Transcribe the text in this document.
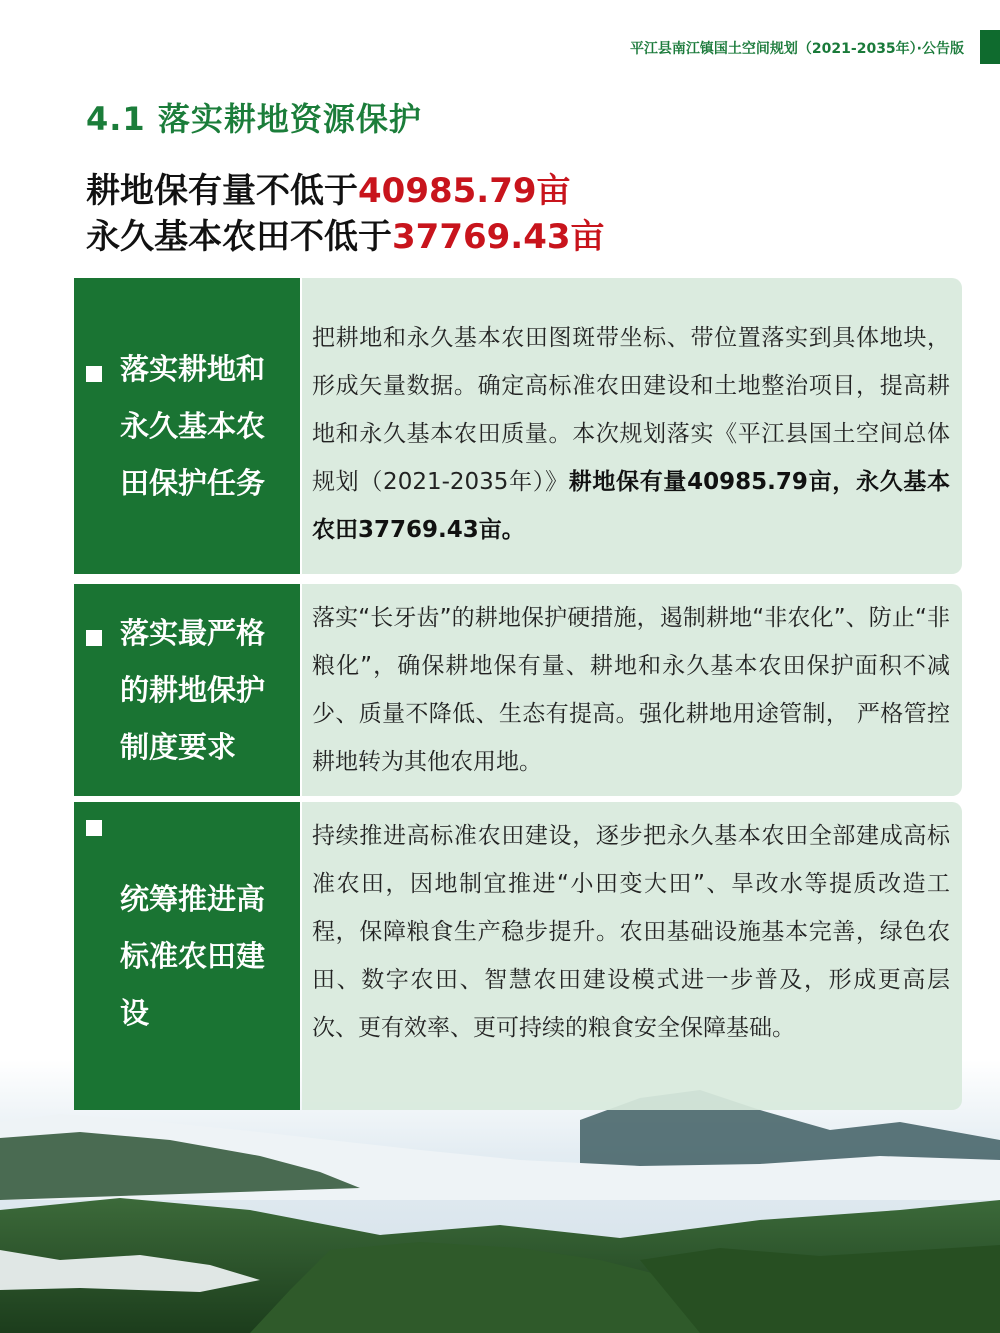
平江县南江镇国土空间规划（2021-2035年）·公告版
4.1 落实耕地资源保护
耕地保有量不低于40985.79亩
永久基本农田不低于37769.43亩
落实耕地和永久基本农田保护任务
把耕地和永久基本农田图斑带坐标、带位置落实到具体地块，形成矢量数据。确定高标准农田建设和土地整治项目，提高耕地和永久基本农田质量。本次规划落实《平江县国土空间总体规划（2021-2035年）》耕地保有量40985.79亩，永久基本农田37769.43亩。
落实最严格的耕地保护制度要求
落实“长牙齿”的耕地保护硬措施，遏制耕地“非农化”、防止“非粮化”，确保耕地保有量、耕地和永久基本农田保护面积不减少、质量不降低、生态有提高。强化耕地用途管制， 严格管控耕地转为其他农用地。
统筹推进高标准农田建设
持续推进高标准农田建设，逐步把永久基本农田全部建成高标准农田，因地制宜推进“小田变大田”、旱改水等提质改造工程，保障粮食生产稳步提升。农田基础设施基本完善，绿色农田、数字农田、智慧农田建设模式进一步普及，形成更高层次、更有效率、更可持续的粮食安全保障基础。
